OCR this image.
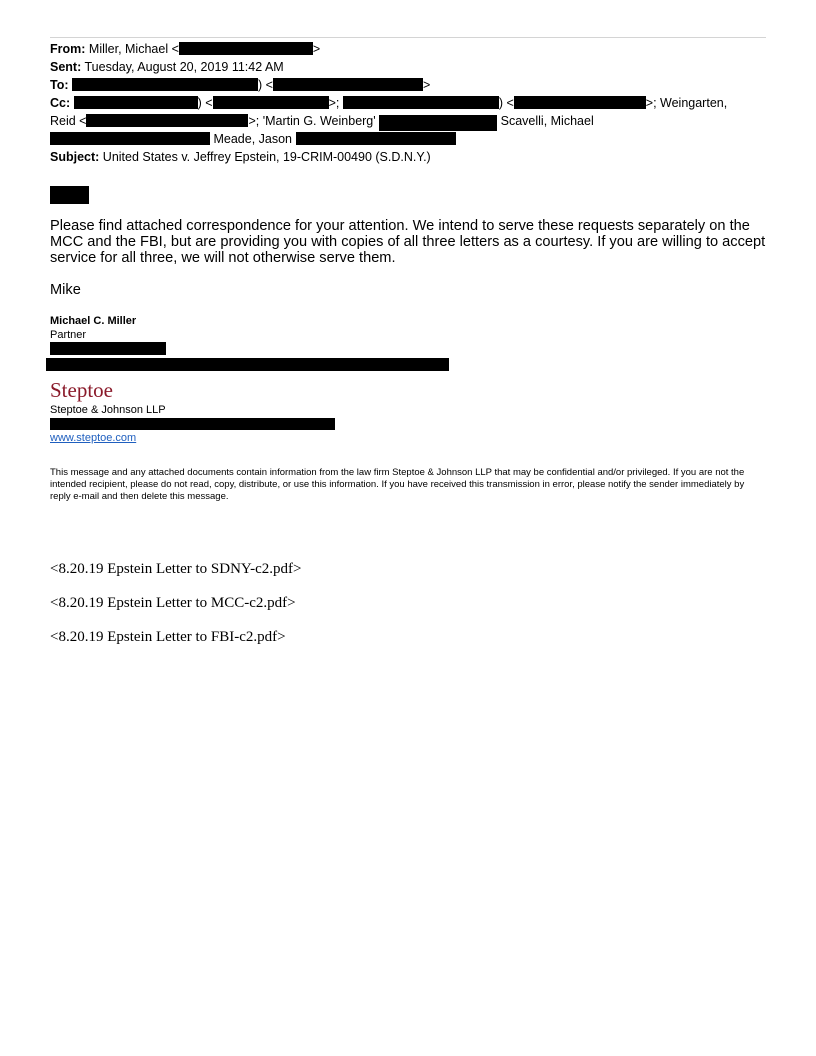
From: Miller, Michael <	>
Sent: Tuesday, August 20, 2019 11:42 AM
To:	) <	>
Cc:	) <	>;	) <	>; Weingarten,
Reid <	>; 'Martin G. Weinberg'	Scavelli, Michael
Meade, Jason
Subject: United States v. Jeffrey Epstein, 19-CRIM-00490 (S.D.N.Y.)
Please find attached correspondence for your attention. We intend to serve these requests separately on the MCC and the FBI, but are providing you with copies of all three letters as a courtesy. If you are willing to accept service for all three, we will not otherwise serve them.
Mike
Michael C. Miller
Partner
Steptoe
Steptoe & Johnson LLP
www.steptoe.com
This message and any attached documents contain information from the law firm Steptoe & Johnson LLP that may be confidential and/or privileged. If you are not the intended recipient, please do not read, copy, distribute, or use this information. If you have received this transmission in error, please notify the sender immediately by reply e-mail and then delete this message.
<8.20.19 Epstein Letter to SDNY-c2.pdf>
<8.20.19 Epstein Letter to MCC-c2.pdf>
<8.20.19 Epstein Letter to FBI-c2.pdf>
